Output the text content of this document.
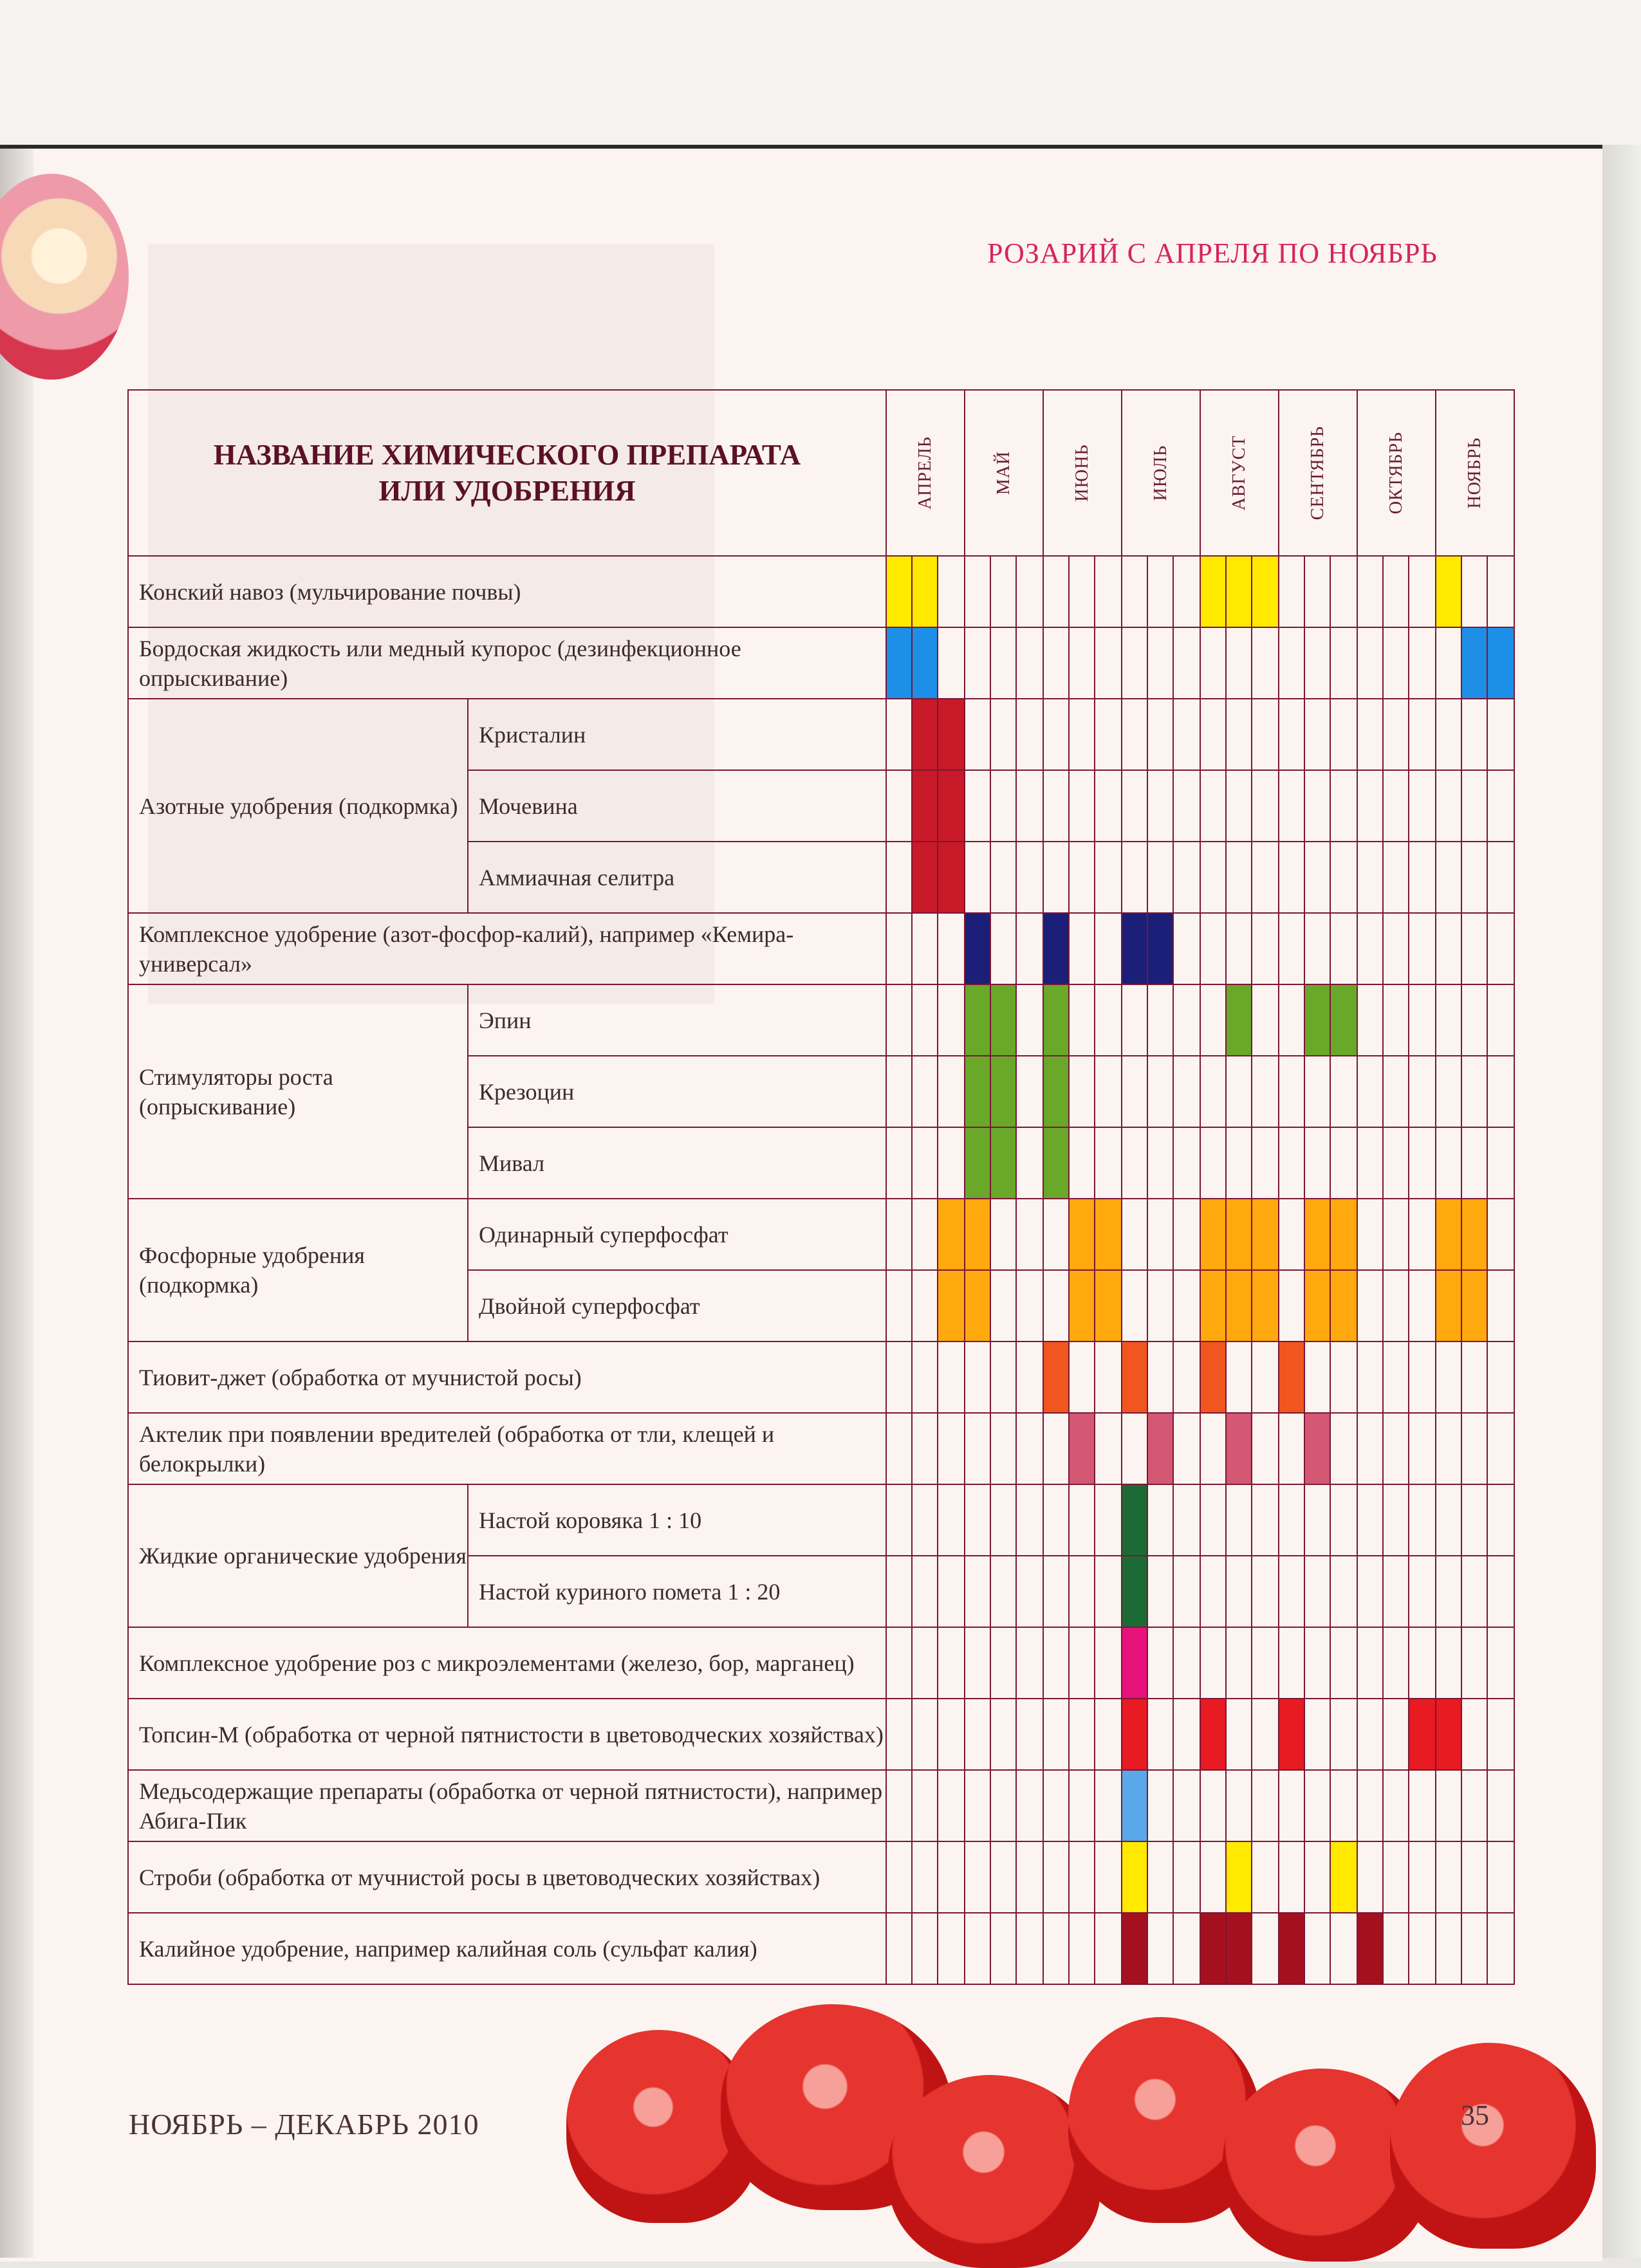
РОЗАРИЙ С АПРЕЛЯ ПО НОЯБРЬ
НАЗВАНИЕ ХИМИЧЕСКОГО ПРЕПАРАТА
ИЛИ УДОБРЕНИЯ		АПРЕЛЬ	МАЙ	ИЮНЬ	ИЮЛЬ	АВГУСТ	СЕНТЯБРЬ	ОКТЯБРЬ	НОЯБРЬ

Конский навоз (мульчирование почвы)		

Бордоская жидкость или медный купорос (дезинфекционное опрыскивание)		

Азотные удобрения (подкормка)	Кристалин	

	Мочевина	

	Аммиачная селитра	

Комплексное удобрение (азот-фосфор-калий), например «Кемира-универсал»		

Стимуляторы роста (опрыскивание)	Эпин	

	Крезоцин	

	Мивал	

Фосфорные удобрения (подкормка)	Одинарный суперфосфат	

	Двойной суперфосфат	

Тиовит-джет (обработка от мучнистой росы)		

Актелик при появлении вредителей (обработка от тли, клещей и белокрылки)		

Жидкие органические удобрения	Настой коровяка 1 : 10	

	Настой куриного помета 1 : 20	

Комплексное удобрение роз с микроэлементами (железо, бор, марганец)		

Топсин-М (обработка от черной пятнистости в цветоводческих хозяйствах)		

Медьсодержащие препараты (обработка от черной пятнистости), например Абига-Пик		

Строби (обработка от мучнистой росы в цветоводческих хозяйствах)		

Калийное удобрение, например калийная соль (сульфат калия)		

НОЯБРЬ – ДЕКАБРЬ 2010	35
